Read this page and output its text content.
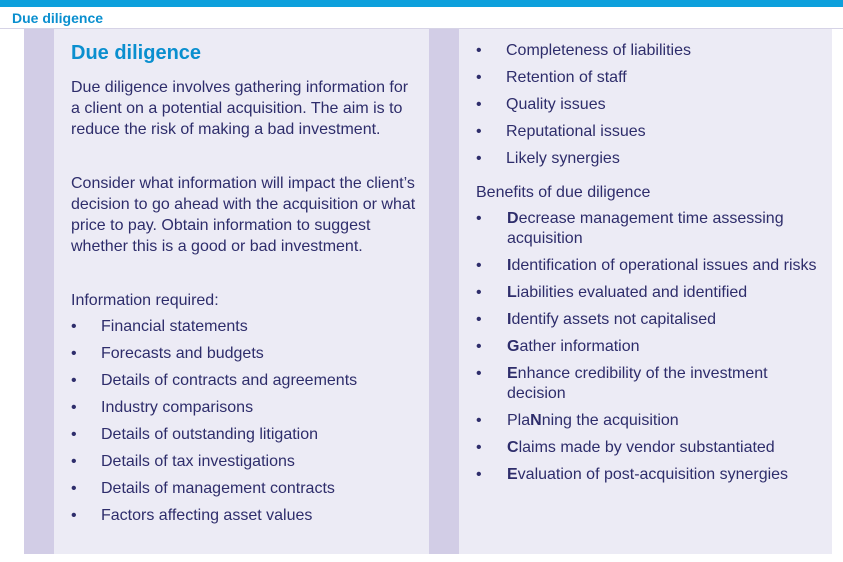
Due diligence
Due diligence

Due diligence involves gathering information for a client on a potential acquisition. The aim is to reduce the risk of making a bad investment.

Consider what information will impact the client’s decision to go ahead with the acquisition or what price to pay. Obtain information to suggest whether this is a good or bad investment.

Information required:
• Financial statements
• Forecasts and budgets
• Details of contracts and agreements
• Industry comparisons
• Details of outstanding litigation
• Details of tax investigations
• Details of management contracts
• Factors affecting asset values
• Completeness of liabilities
• Retention of staff
• Quality issues
• Reputational issues
• Likely synergies
Benefits of due diligence
• Decrease management time assessing acquisition
• Identification of operational issues and risks
• Liabilities evaluated and identified
• Identify assets not capitalised
• Gather information
• Enhance credibility of the investment decision
• PlaNning the acquisition
• Claims made by vendor substantiated
• Evaluation of post-acquisition synergies
